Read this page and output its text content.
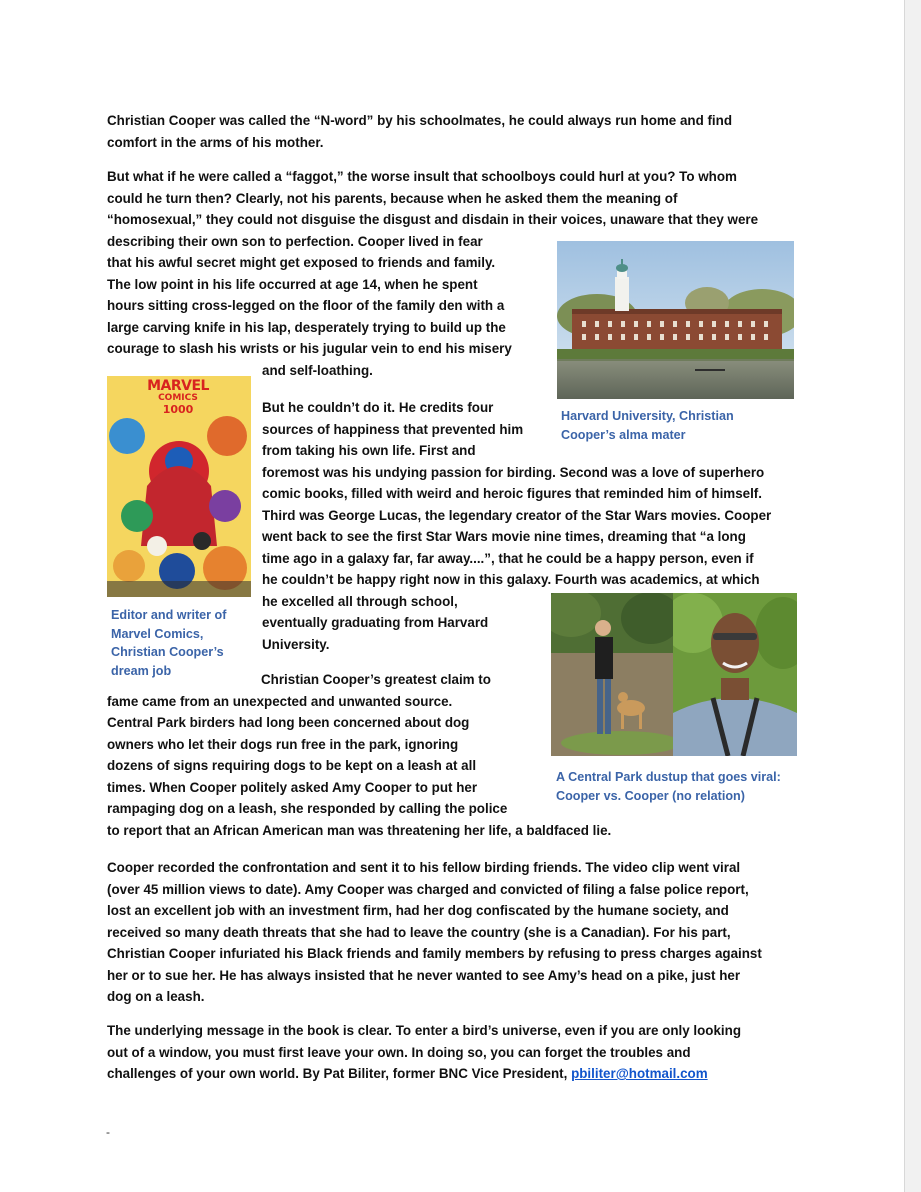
Christian Cooper was called the “N-word” by his schoolmates, he could always run home and find
comfort in the arms of his mother.
But what if he were called a “faggot,” the worse insult that schoolboys could hurl at you? To whom
could he turn then? Clearly, not his parents, because when he asked them the meaning of
“homosexual,” they could not disguise the disgust and disdain in their voices, unaware that they were
describing their own son to perfection. Cooper lived in fear
that his awful secret might get exposed to friends and family.
The low point in his life occurred at age 14, when he spent
hours sitting cross-legged on the floor of the family den with a
large carving knife in his lap, desperately trying to build up the
courage to slash his wrists or his jugular vein to end his misery
and self-loathing.
But he couldn’t do it. He credits four
sources of happiness that prevented him
from taking his own life. First and
foremost was his undying passion for birding. Second was a love of superhero
comic books, filled with weird and heroic figures that reminded him of himself.
Third was George Lucas, the legendary creator of the Star Wars movies. Cooper
went back to see the first Star Wars movie nine times, dreaming that “a long
time ago in a galaxy far, far away....”, that he could be a happy person, even if
he couldn’t be happy right now in this galaxy. Fourth was academics, at which
he excelled all through school,
eventually graduating from Harvard
University.
Christian Cooper’s greatest claim to
fame came from an unexpected and unwanted source.
Central Park birders had long been concerned about dog
owners who let their dogs run free in the park, ignoring
dozens of signs requiring dogs to be kept on a leash at all
times. When Cooper politely asked Amy Cooper to put her
rampaging dog on a leash, she responded by calling the police
to report that an African American man was threatening her life, a baldfaced lie.
Cooper recorded the confrontation and sent it to his fellow birding friends. The video clip went viral
(over 45 million views to date). Amy Cooper was charged and convicted of filing a false police report,
lost an excellent job with an investment firm, had her dog confiscated by the humane society, and
received so many death threats that she had to leave the country (she is a Canadian). For his part,
Christian Cooper infuriated his Black friends and family members by refusing to press charges against
her or to sue her. He has always insisted that he never wanted to see Amy’s head on a pike, just her
dog on a leash.
The underlying message in the book is clear. To enter a bird’s universe, even if you are only looking
out of a window, you must first leave your own. In doing so, you can forget the troubles and
challenges of your own world. By Pat Biliter, former BNC Vice President, pbiliter@hotmail.com
Harvard University, Christian
Cooper’s alma mater
MARVEL
COMICS
1000
Editor and writer of
Marvel Comics,
Christian Cooper’s
dream job
A Central Park dustup that goes viral:
Cooper vs. Cooper (no relation)
-
